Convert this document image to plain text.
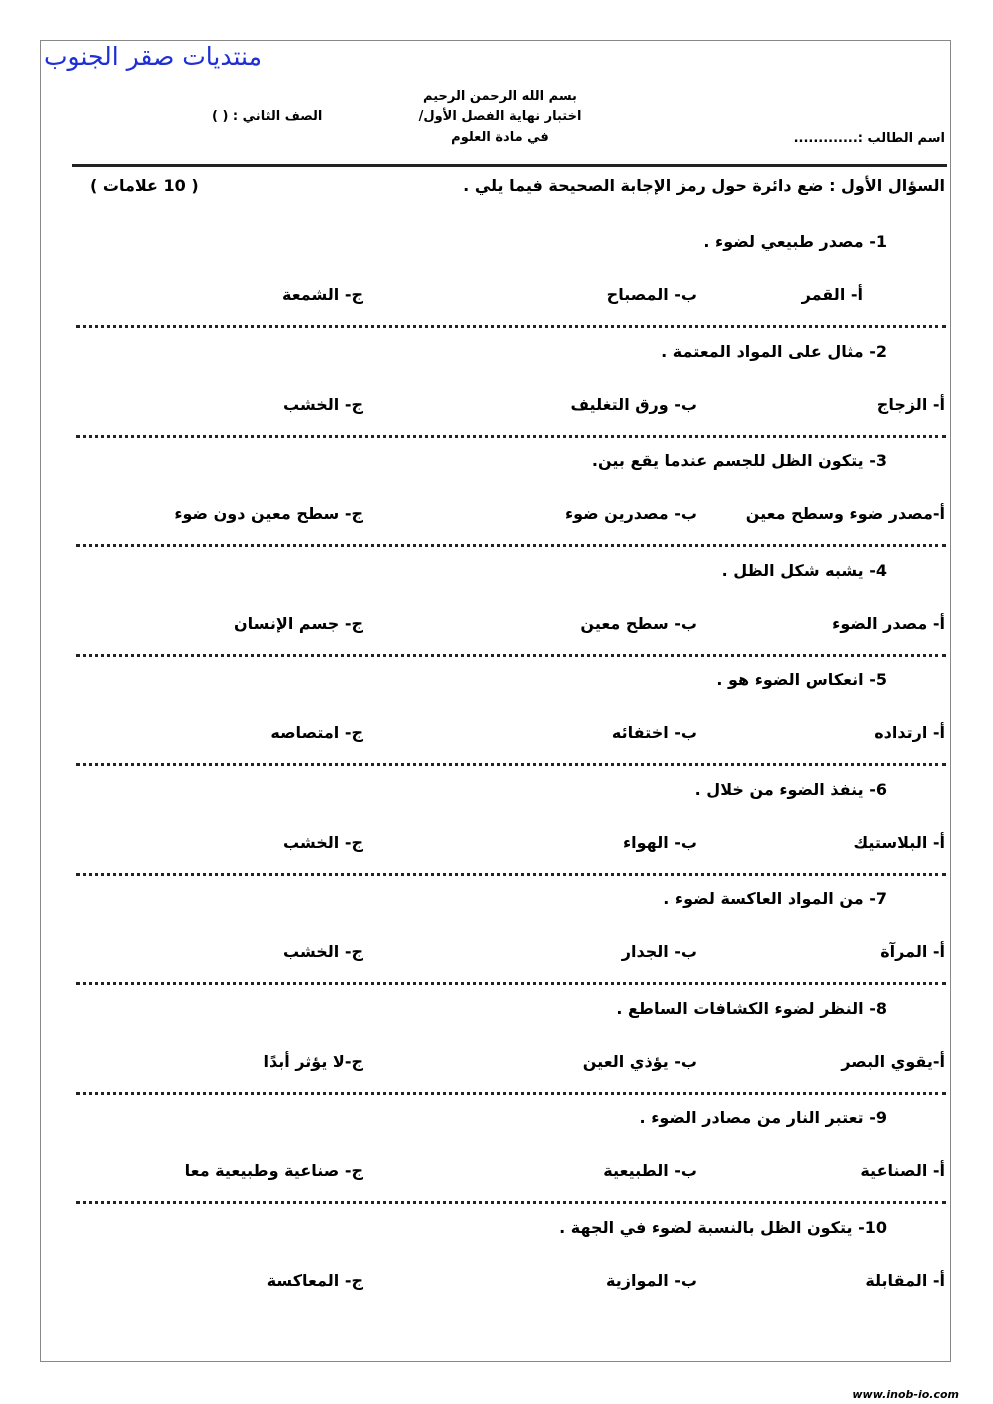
منتديات صقر الجنوب
بسم الله الرحمن الرحيم
اختبار نهاية الفصل الأول/
في مادة العلوم
الصف الثاني : ( )
اسم الطالب :.............
السؤال الأول : ضع دائرة حول رمز الإجابة الصحيحة فيما يلي .
( 10 علامات )
1- مصدر طبيعي لضوء .
أ- القمر
ب- المصباح
ج- الشمعة
2- مثال على المواد المعتمة .
أ- الزجاج
ب- ورق التغليف
ج- الخشب
3- يتكون الظل للجسم عندما يقع بين.
أ-مصدر ضوء وسطح معين
ب- مصدرين ضوء
ج- سطح معين دون ضوء
4- يشبه شكل الظل .
أ- مصدر الضوء
ب- سطح معين
ج- جسم الإنسان
5- انعكاس الضوء هو .
أ- ارتداده
ب- اختفائه
ج- امتصاصه
6- ينفذ الضوء من خلال .
أ- البلاستيك
ب- الهواء
ج- الخشب
7- من المواد العاكسة لضوء .
أ- المرآة
ب- الجدار
ج- الخشب
8- النظر لضوء الكشافات الساطع .
أ-يقوي البصر
ب- يؤذي العين
ج-لا يؤثر أبدًا
9- تعتبر النار من مصادر الضوء .
أ- الصناعية
ب- الطبيعية
ج- صناعية وطبيعية معا
10- يتكون الظل بالنسبة لضوء في الجهة .
أ- المقابلة
ب- الموازية
ج- المعاكسة
www.inob-io.com
